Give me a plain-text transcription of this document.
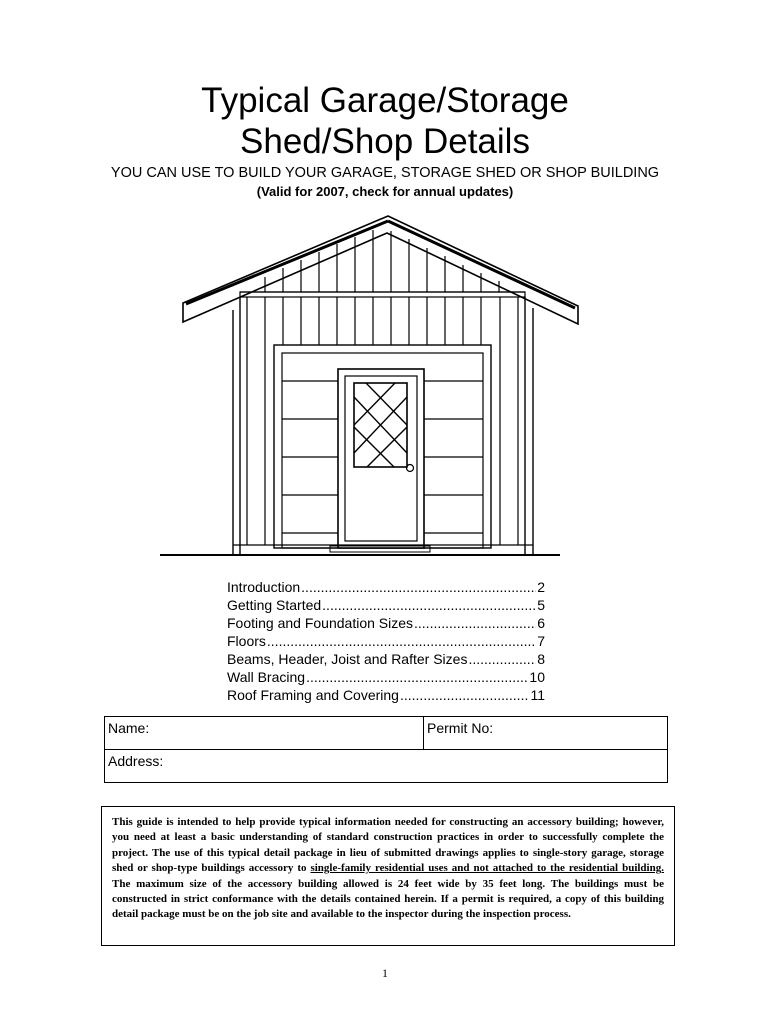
Typical Garage/Storage
Shed/Shop Details
YOU CAN USE TO BUILD YOUR GARAGE, STORAGE SHED OR SHOP BUILDING
(Valid for 2007, check for annual updates)
Introduction .....	2
Getting Started .....	5
Footing and Foundation Sizes .....	6
Floors .....	7
Beams, Header, Joist and Rafter Sizes .....	8
Wall Bracing .....	10
Roof Framing and Covering .....	11
Name:	Permit No:
Address:
This guide is intended to help provide typical information needed for constructing an accessory building; however, you need at least a basic understanding of standard construction practices in order to successfully complete the project. The use of this typical detail package in lieu of submitted drawings applies to single-story garage, storage shed or shop-type buildings accessory to single-family residential uses and not attached to the residential building. The maximum size of the accessory building allowed is 24 feet wide by 35 feet long. The buildings must be constructed in strict conformance with the details contained herein. If a permit is required, a copy of this building detail package must be on the job site and available to the inspector during the inspection process.
1
